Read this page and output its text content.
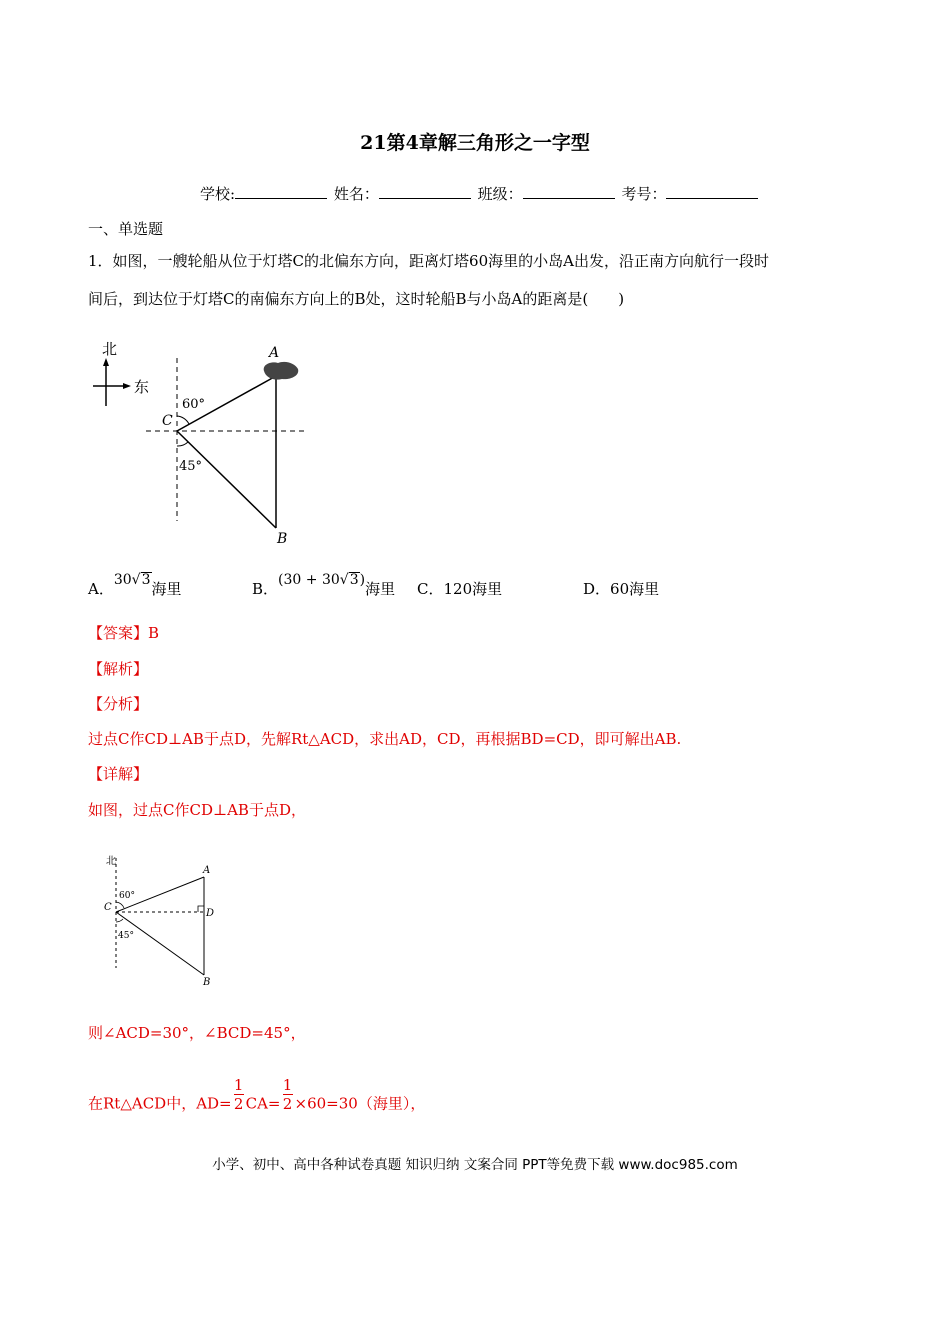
21第4章解三角形之一字型
学校:	姓名：	班级：	考号：
一、单选题
1．如图，一艘轮船从位于灯塔C的北偏东方向，距离灯塔60海里的小岛A出发，沿正南方向航行一段时
间后，到达位于灯塔C的南偏东方向上的B处，这时轮船B与小岛A的距离是(　　)
北
东
60°
45°
C
A
B
A．30√3海里	B．(30 + 30√3)海里 C．120海里	D．60海里
【答案】B
【解析】
【分析】
过点C作CD⊥AB于点D，先解Rt△ACD，求出AD，CD，再根据BD=CD，即可解出AB.
【详解】
如图，过点C作CD⊥AB于点D，
北
60°
45°
C
A
D
B
则∠ACD=30°，∠BCD=45°，
在Rt△ACD中，$AD= \frac{1}{2} CA= \frac{1}{2} \times 60=30$（海里），
小学、初中、高中各种试卷真题 知识归纳 文案合同 PPT等免费下载 www.doc985.com
